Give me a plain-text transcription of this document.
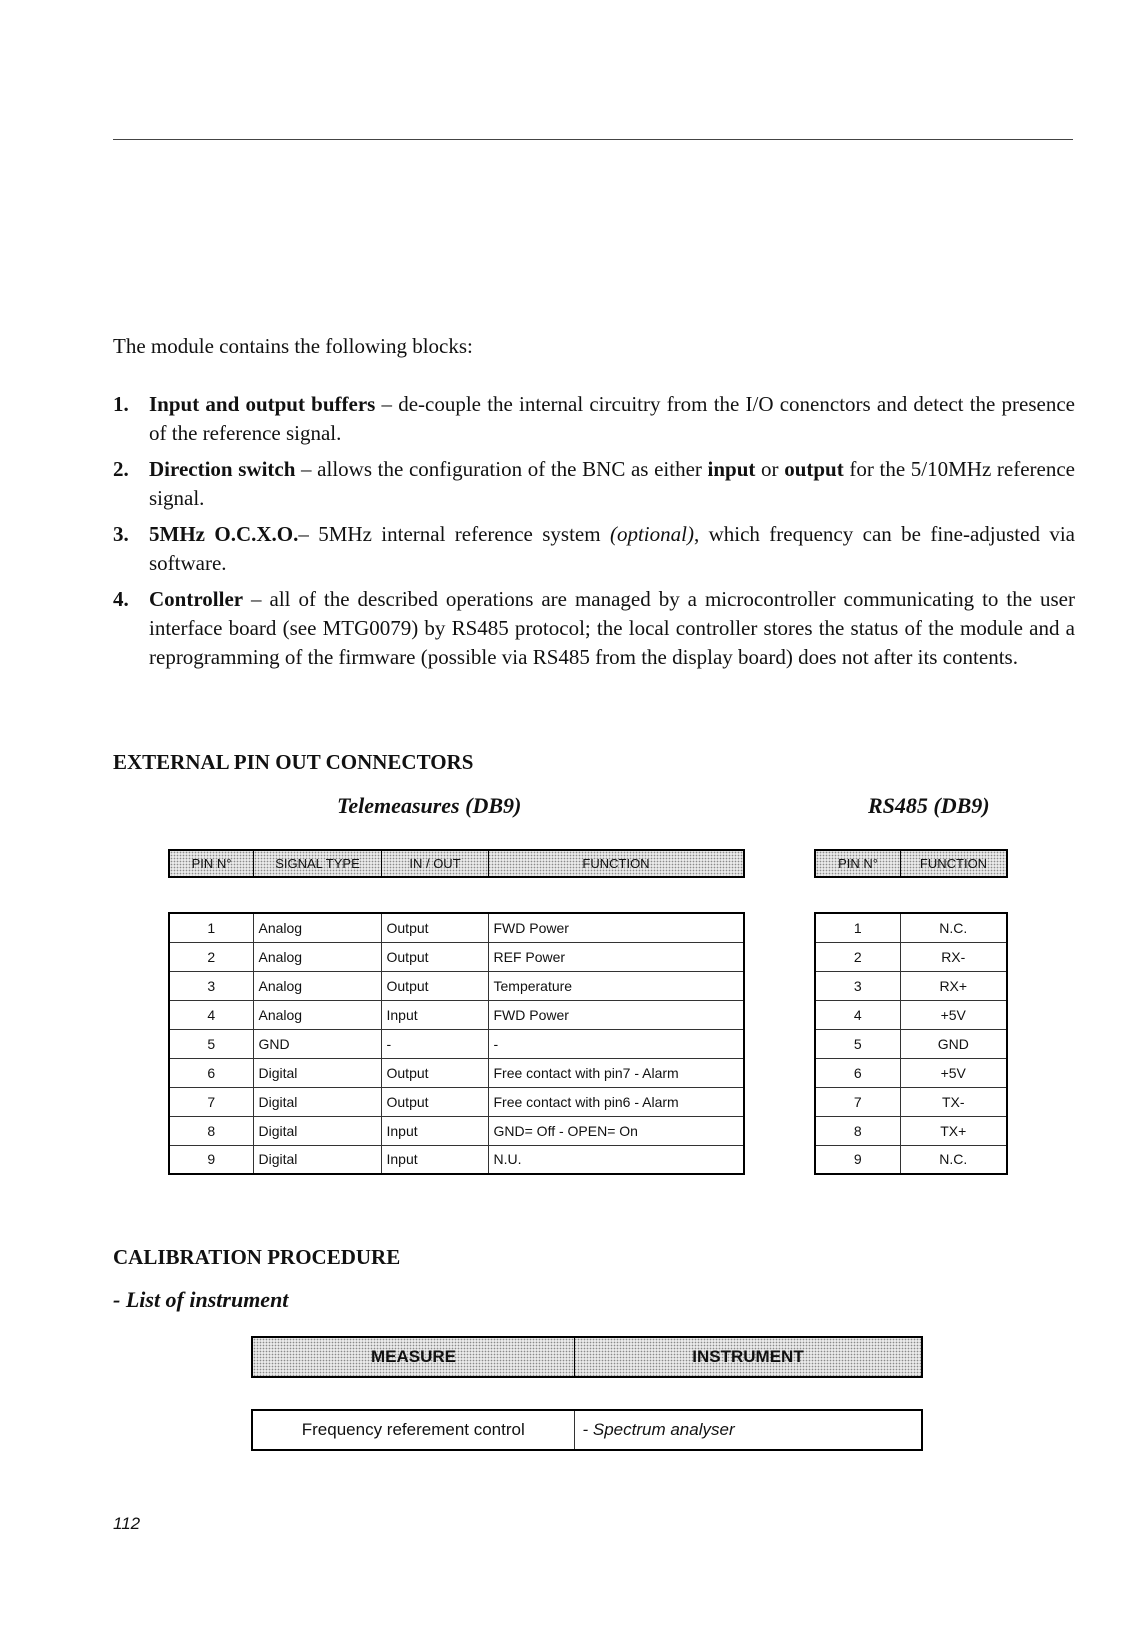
The module contains the following blocks:
1. Input and output buffers – de-couple the internal circuitry from the I/O conenctors and detect the presence of the reference signal.
2. Direction switch – allows the configuration of the BNC as either input or output for the 5/10MHz reference signal.
3. 5MHz O.C.X.O.– 5MHz internal reference system (optional), which frequency can be fine-adjusted via software.
4. Controller – all of the described operations are managed by a microcontroller communicating to the user interface board (see MTG0079) by RS485 protocol; the local controller stores the status of the module and a reprogramming of the firmware (possible via RS485 from the display board) does not after its contents.
EXTERNAL PIN OUT CONNECTORS
Telemeasures (DB9)	RS485 (DB9)
PIN N°	SIGNAL TYPE	IN / OUT	FUNCTION
1	Analog	Output	FWD Power
2	Analog	Output	REF Power
3	Analog	Output	Temperature
4	Analog	Input	FWD Power
5	GND	-	-
6	Digital	Output	Free contact with pin7 - Alarm
7	Digital	Output	Free contact with pin6 - Alarm
8	Digital	Input	GND= Off - OPEN= On
9	Digital	Input	N.U.
PIN N°	FUNCTION
1	N.C.
2	RX-
3	RX+
4	+5V
5	GND
6	+5V
7	TX-
8	TX+
9	N.C.
CALIBRATION PROCEDURE
- List of instrument
MEASURE	INSTRUMENT
Frequency referement control	- Spectrum analyser
112
